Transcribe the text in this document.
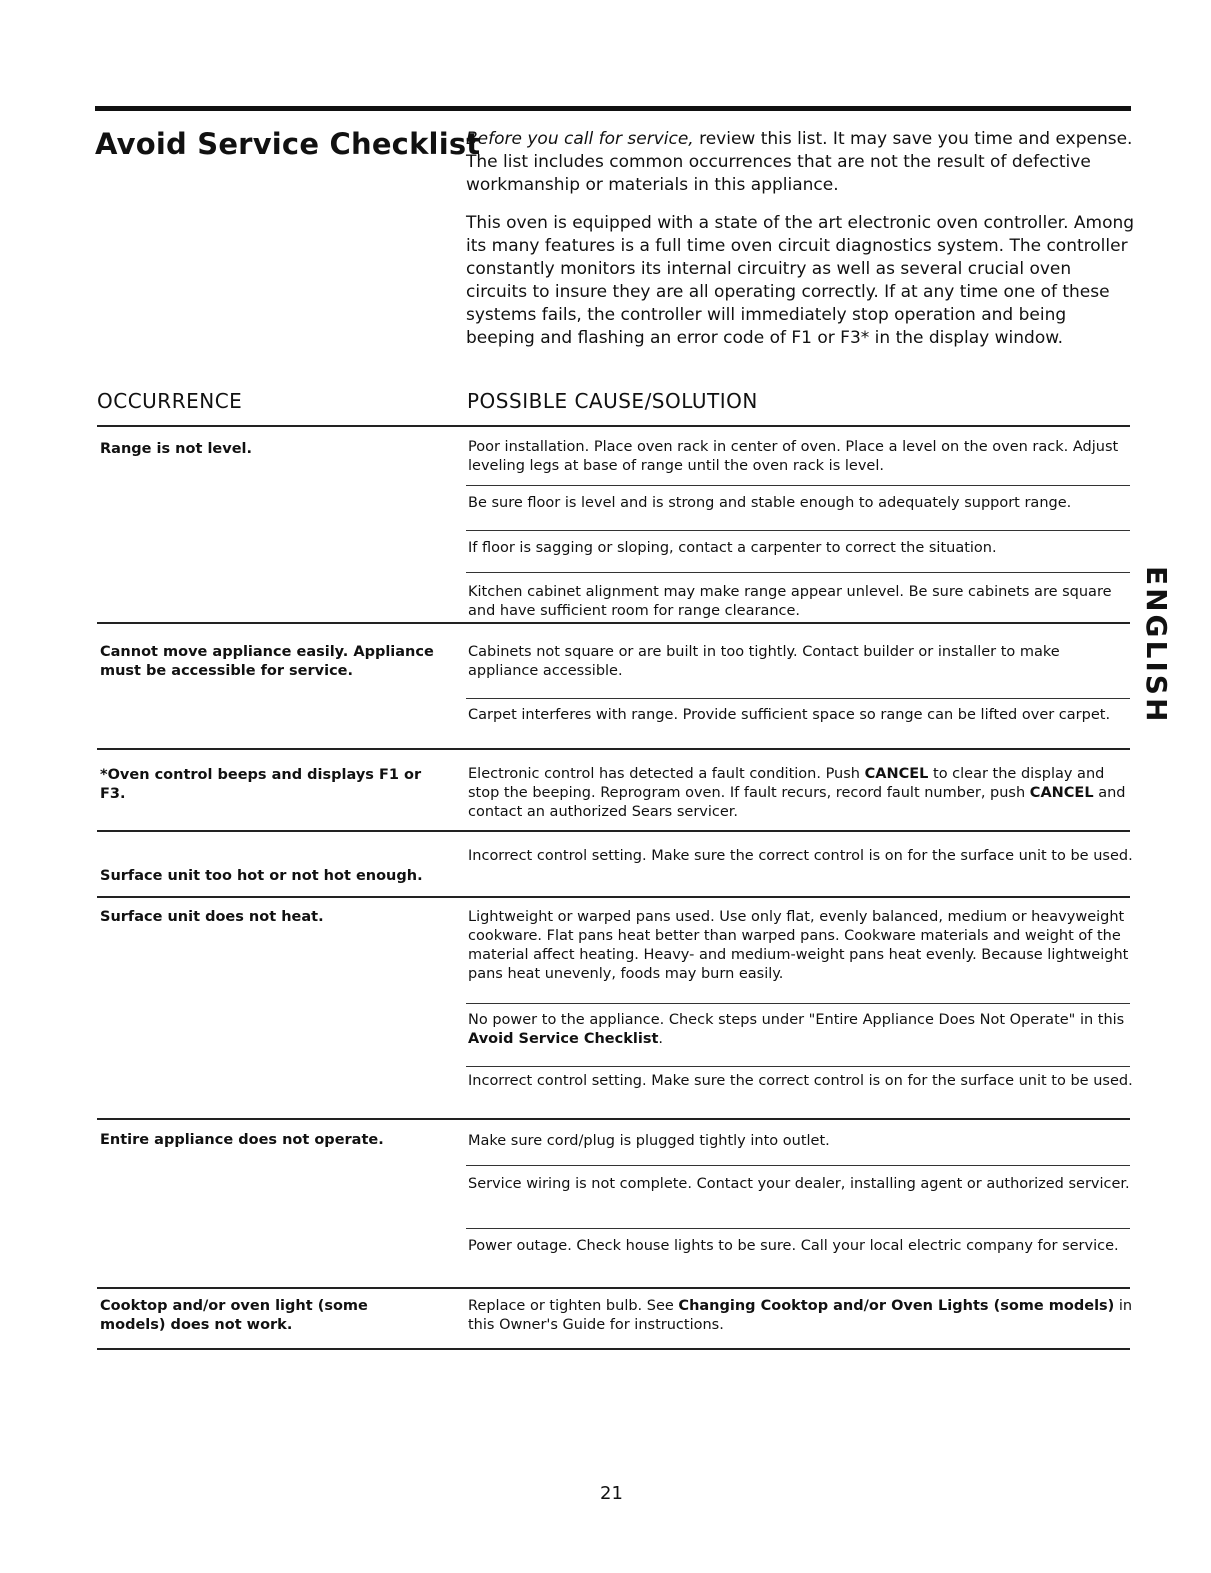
Avoid Service Checklist

Before you call for service, review this list. It may save you time and expense. The list includes common occurrences that are not the result of defective workmanship or materials in this appliance.

This oven is equipped with a state of the art electronic oven controller. Among its many features is a full time oven circuit diagnostics system. The controller constantly monitors its internal circuitry as well as several crucial oven circuits to insure they are all operating correctly. If at any time one of these systems fails, the controller will immediately stop operation and being beeping and flashing an error code of F1 or F3* in the display window.

OCCURRENCE	POSSIBLE CAUSE/SOLUTION
Range is not level.
Cannot move appliance easily. Appliance must be accessible for service.
*Oven control beeps and displays F1 or F3.
Surface unit too hot or not hot enough.
Surface unit does not heat.
Entire appliance does not operate.
Cooktop and/or oven light (some models) does not work.
Poor installation. Place oven rack in center of oven. Place a level on the oven rack. Adjust leveling legs at base of range until the oven rack is level.
Be sure floor is level and is strong and stable enough to adequately support range.
If floor is sagging or sloping, contact a carpenter to correct the situation.
Kitchen cabinet alignment may make range appear unlevel. Be sure cabinets are square and have sufficient room for range clearance.
Cabinets not square or are built in too tightly. Contact builder or installer to make appliance accessible.
Carpet interferes with range. Provide sufficient space so range can be lifted over carpet.
Electronic control has detected a fault condition. Push CANCEL to clear the display and stop the beeping. Reprogram oven. If fault recurs, record fault number, push CANCEL and contact an authorized Sears servicer.
Incorrect control setting. Make sure the correct control is on for the surface unit to be used.
Lightweight or warped pans used. Use only flat, evenly balanced, medium or heavyweight cookware. Flat pans heat better than warped pans. Cookware materials and weight of the material affect heating. Heavy- and medium-weight pans heat evenly. Because lightweight pans heat unevenly, foods may burn easily.
No power to the appliance. Check steps under "Entire Appliance Does Not Operate" in this Avoid Service Checklist.
Incorrect control setting. Make sure the correct control is on for the surface unit to be used.
Make sure cord/plug is plugged tightly into outlet.
Service wiring is not complete. Contact your dealer, installing agent or authorized servicer.
Power outage. Check house lights to be sure. Call your local electric company for service.
Replace or tighten bulb. See Changing Cooktop and/or Oven Lights (some models) in this Owner's Guide for instructions.
ENGLISH
21
